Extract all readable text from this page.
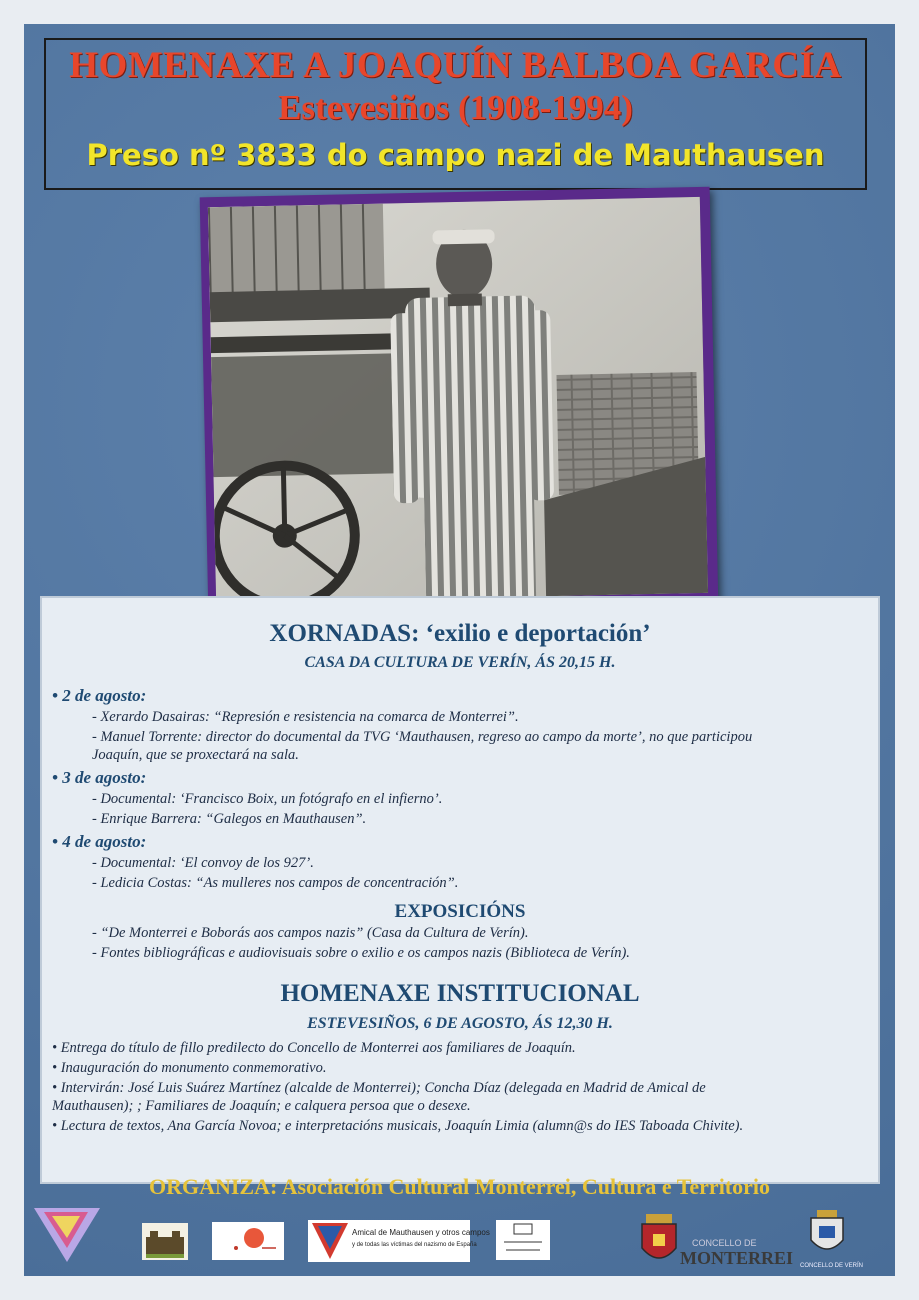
HOMENAXE A JOAQUÍN BALBOA GARCÍA
Estevesiños (1908-1994)
Preso nº 3833 do campo nazi de Mauthausen
XORNADAS: ‘exilio e deportación’
CASA DA CULTURA DE VERÍN, ÁS 20,15 H.
• 2 de agosto:
- Xerardo Dasairas: “Represión e resistencia na comarca de Monterrei”.
- Manuel Torrente: director do documental da TVG ‘Mauthausen, regreso ao campo da morte’, no que participou
Joaquín, que se proxectará na sala.
• 3 de agosto:
- Documental: ‘Francisco Boix, un fotógrafo en el infierno’.
- Enrique Barrera: “Galegos en Mauthausen”.
• 4 de agosto:
- Documental: ‘El convoy de los 927’.
- Ledicia Costas: “As mulleres nos campos de concentración”.
EXPOSICIÓNS
- “De Monterrei e Boborás aos campos nazis” (Casa da Cultura de Verín).
- Fontes bibliográficas e audiovisuais sobre o exilio e os campos nazis (Biblioteca de Verín).
HOMENAXE INSTITUCIONAL
ESTEVESIÑOS, 6 DE AGOSTO, ÁS 12,30 H.
• Entrega do título de fillo predilecto do Concello de Monterrei aos familiares de Joaquín.
• Inauguración do monumento conmemorativo.
• Intervirán: José Luis Suárez Martínez (alcalde de Monterrei); Concha Díaz (delegada en Madrid de Amical de
Mauthausen); ; Familiares de Joaquín; e calquera persoa que o desexe.
• Lectura de textos, Ana García Novoa; e interpretacións musicais, Joaquín Limia (alumn@s do IES Taboada Chivite).
ORGANIZA: Asociación Cultural Monterrei, Cultura e Territorio
Amical de Mauthausen y otros campos
y de todas las víctimas del nazismo de España	CONCELLO DE
MONTERREI CONCELLO DE VERÍN
